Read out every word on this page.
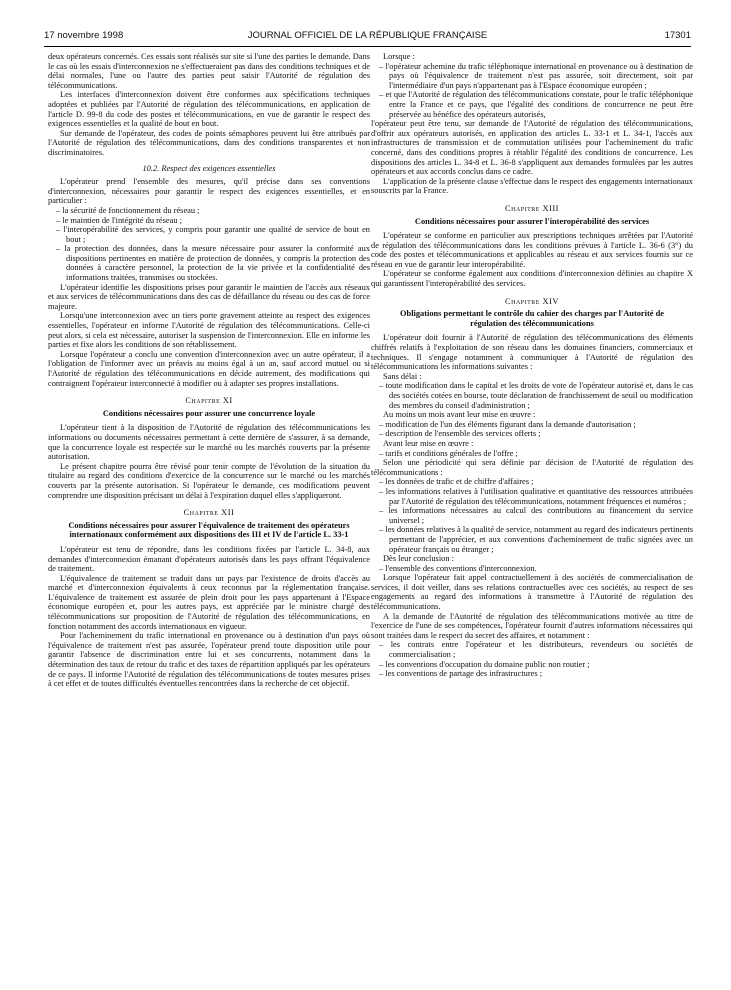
17 novembre 1998	JOURNAL OFFICIEL DE LA RÉPUBLIQUE FRANÇAISE	17301

deux opérateurs concernés. Ces essais sont réalisés sur site si l'une des parties le demande. Dans le cas où les essais d'interconnexion ne s'effectueraient pas dans des conditions techniques et de délai normales, l'une ou l'autre des parties peut saisir l'Autorité de régulation des télécommunications.

Les interfaces d'interconnexion doivent être conformes aux spécifications techniques adoptées et publiées par l'Autorité de régulation des télécommunications, en application de l'article D. 99-8 du code des postes et télécommunications, en vue de garantir le respect des exigences essentielles et la qualité de bout en bout.

Sur demande de l'opérateur, des codes de points sémaphores peuvent lui être attribués par l'Autorité de régulation des télécommunications, dans des conditions transparentes et non discriminatoires.

10.2. Respect des exigences essentielles

L'opérateur prend l'ensemble des mesures, qu'il précise dans ses conventions d'interconnexion, nécessaires pour garantir le respect des exigences essentielles, et en particulier :

– la sécurité de fonctionnement du réseau ;

– le maintien de l'intégrité du réseau ;

– l'interopérabilité des services, y compris pour garantir une qualité de service de bout en bout ;

– la protection des données, dans la mesure nécessaire pour assurer la conformité aux dispositions pertinentes en matière de protection de données, y compris la protection des données à caractère personnel, la protection de la vie privée et la confidentialité des informations traitées, transmises ou stockées.

L'opérateur identifie les dispositions prises pour garantir le maintien de l'accès aux réseaux et aux services de télécommunications dans des cas de défaillance du réseau ou des cas de force majeure.

Lorsqu'une interconnexion avec un tiers porte gravement atteinte au respect des exigences essentielles, l'opérateur en informe l'Autorité de régulation des télécommunications. Celle-ci peut alors, si cela est nécessaire, autoriser la suspension de l'interconnexion. Elle en informe les parties et fixe alors les conditions de son rétablissement.

Lorsque l'opérateur a conclu une convention d'interconnexion avec un autre opérateur, il a l'obligation de l'informer avec un préavis au moins égal à un an, sauf accord mutuel ou si l'Autorité de régulation des télécommunications en décide autrement, des modifications qui contraignent l'opérateur interconnecté à modifier ou à adapter ses propres installations.

Chapitre XI

Conditions nécessaires pour assurer une concurrence loyale

L'opérateur tient à la disposition de l'Autorité de régulation des télécommunications les informations ou documents nécessaires permettant à cette dernière de s'assurer, à sa demande, que la concurrence loyale est respectée sur le marché ou les marchés couverts par la présente autorisation.

Le présent chapitre pourra être révisé pour tenir compte de l'évolution de la situation du titulaire au regard des conditions d'exercice de la concurrence sur le marché ou les marchés couverts par la présente autorisation. Si l'opérateur le demande, ces modifications peuvent comprendre une disposition précisant un délai à l'expiration duquel elles s'appliqueront.

Chapitre XII

Conditions nécessaires pour assurer l'équivalence de traitement des opérateurs internationaux conformément aux dispositions des III et IV de l'article L. 33-1

L'opérateur est tenu de répondre, dans les conditions fixées par l'article L. 34-8, aux demandes d'interconnexion émanant d'opérateurs autorisés dans les pays offrant l'équivalence de traitement.

L'équivalence de traitement se traduit dans un pays par l'existence de droits d'accès au marché et d'interconnexion équivalents à ceux reconnus par la réglementation française. L'équivalence de traitement est assurée de plein droit pour les pays appartenant à l'Espace économique européen et, pour les autres pays, est appréciée par le ministre chargé des télécommunications sur proposition de l'Autorité de régulation des télécommunications, en fonction notamment des accords internationaux en vigueur.

Pour l'acheminement du trafic international en provenance ou à destination d'un pays où l'équivalence de traitement n'est pas assurée, l'opérateur prend toute disposition utile pour garantir l'absence de discrimination entre lui et ses concurrents, notamment dans la détermination des taux de retour du trafic et des taxes de répartition appliqués par les opérateurs de ce pays. Il informe l'Autorité de régulation des télécommunications de toutes mesures prises à cet effet et de toutes difficultés éventuelles rencontrées dans la recherche de cet objectif.

Lorsque :

– l'opérateur achemine du trafic téléphonique international en provenance ou à destination de pays où l'équivalence de traitement n'est pas assurée, soit directement, soit par l'intermédiaire d'un pays n'appartenant pas à l'Espace économique européen ;

– et que l'Autorité de régulation des télécommunications constate, pour le trafic téléphonique entre la France et ce pays, que l'égalité des conditions de concurrence ne peut être préservée au bénéfice des opérateurs autorisés,

l'opérateur peut être tenu, sur demande de l'Autorité de régulation des télécommunications, d'offrir aux opérateurs autorisés, en application des articles L. 33-1 et L. 34-1, l'accès aux infrastructures de transmission et de commutation utilisées pour l'acheminement du trafic concerné, dans des conditions propres à rétablir l'égalité des conditions de concurrence. Les dispositions des articles L. 34-8 et L. 36-8 s'appliquent aux demandes formulées par les autres opérateurs et aux accords conclus dans ce cadre.

L'application de la présente clause s'effectue dans le respect des engagements internationaux souscrits par la France.

Chapitre XIII

Conditions nécessaires pour assurer l'interopérabilité des services

L'opérateur se conforme en particulier aux prescriptions techniques arrêtées par l'Autorité de régulation des télécommunications dans les conditions prévues à l'article L. 36-6 (3°) du code des postes et télécommunications et applicables au réseau et aux services fournis sur ce réseau en vue de garantir leur interopérabilité.

L'opérateur se conforme également aux conditions d'interconnexion définies au chapitre X qui garantissent l'interopérabilité des services.

Chapitre XIV

Obligations permettant le contrôle du cahier des charges par l'Autorité de régulation des télécommunications

L'opérateur doit fournir à l'Autorité de régulation des télécommunications des éléments chiffrés relatifs à l'exploitation de son réseau dans les domaines financiers, commerciaux et techniques. Il s'engage notamment à communiquer à l'Autorité de régulation des télécommunications les informations suivantes :

Sans délai :

– toute modification dans le capital et les droits de vote de l'opérateur autorisé et, dans le cas des sociétés cotées en bourse, toute déclaration de franchissement de seuil ou modification des membres du conseil d'administration ;

Au moins un mois avant leur mise en œuvre :

– modification de l'un des éléments figurant dans la demande d'autorisation ;

– description de l'ensemble des services offerts ;

Avant leur mise en œuvre :

– tarifs et conditions générales de l'offre ;

Selon une périodicité qui sera définie par décision de l'Autorité de régulation des télécommunications :

– les données de trafic et de chiffre d'affaires ;

– les informations relatives à l'utilisation qualitative et quantitative des ressources attribuées par l'Autorité de régulation des télécommunications, notamment fréquences et numéros ;

– les informations nécessaires au calcul des contributions au financement du service universel ;

– les données relatives à la qualité de service, notamment au regard des indicateurs pertinents permettant de l'apprécier, et aux conventions d'acheminement de trafic signées avec un opérateur français ou étranger ;

Dès leur conclusion :

– l'ensemble des conventions d'interconnexion.

Lorsque l'opérateur fait appel contractuellement à des sociétés de commercialisation de services, il doit veiller, dans ses relations contractuelles avec ces sociétés, au respect de ses engagements au regard des informations à transmettre à l'Autorité de régulation des télécommunications.

A la demande de l'Autorité de régulation des télécommunications motivée au titre de l'exercice de l'une de ses compétences, l'opérateur fournit d'autres informations nécessaires qui sont traitées dans le respect du secret des affaires, et notamment :

– les contrats entre l'opérateur et les distributeurs, revendeurs ou sociétés de commercialisation ;

– les conventions d'occupation du domaine public non routier ;

– les conventions de partage des infrastructures ;
